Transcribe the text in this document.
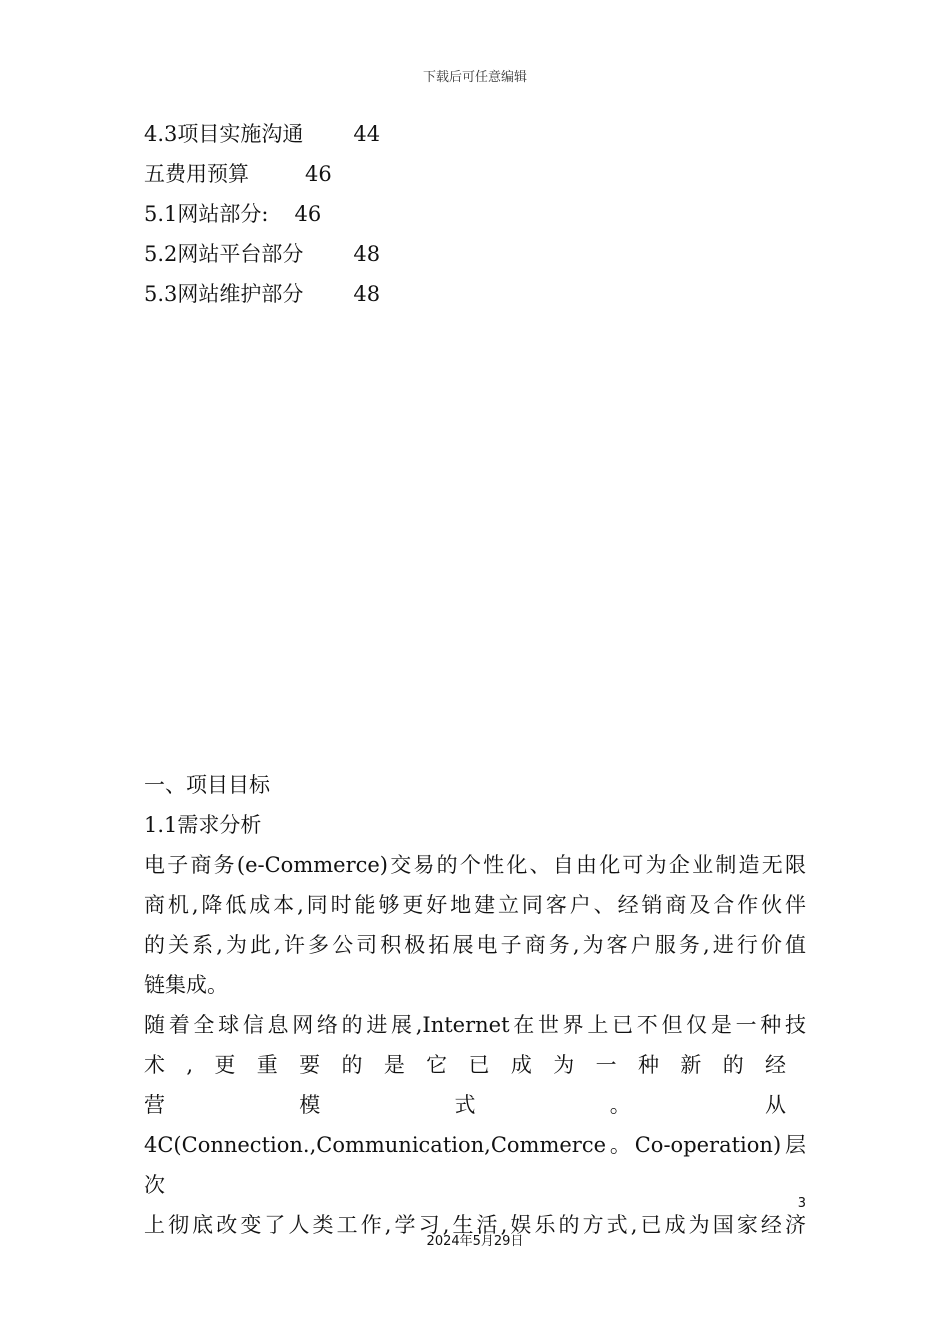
下载后可任意编辑
4.3项目实施沟通 44
五费用预算	46
5.1网站部分: 46
5.2网站平台部分 48
5.3网站维护部分 48

一、项目目标

1.1需求分析

电子商务(e-Commerce)交易的个性化、自由化可为企业制造无限

商机,降低成本,同时能够更好地建立同客户、经销商及合作伙伴

的关系,为此,许多公司积极拓展电子商务,为客户服务,进行价值

链集成。

随着全球信息网络的进展,Internet在世界上已不但仅是一种技

术,更重要的是它已成为一种新的经营模式。从

4C(Connection.,Communication,Commerce。Co-operation)层次

上彻底改变了人类工作,学习,生活,娱乐的方式,已成为国家经济

3
2024年5月29日
